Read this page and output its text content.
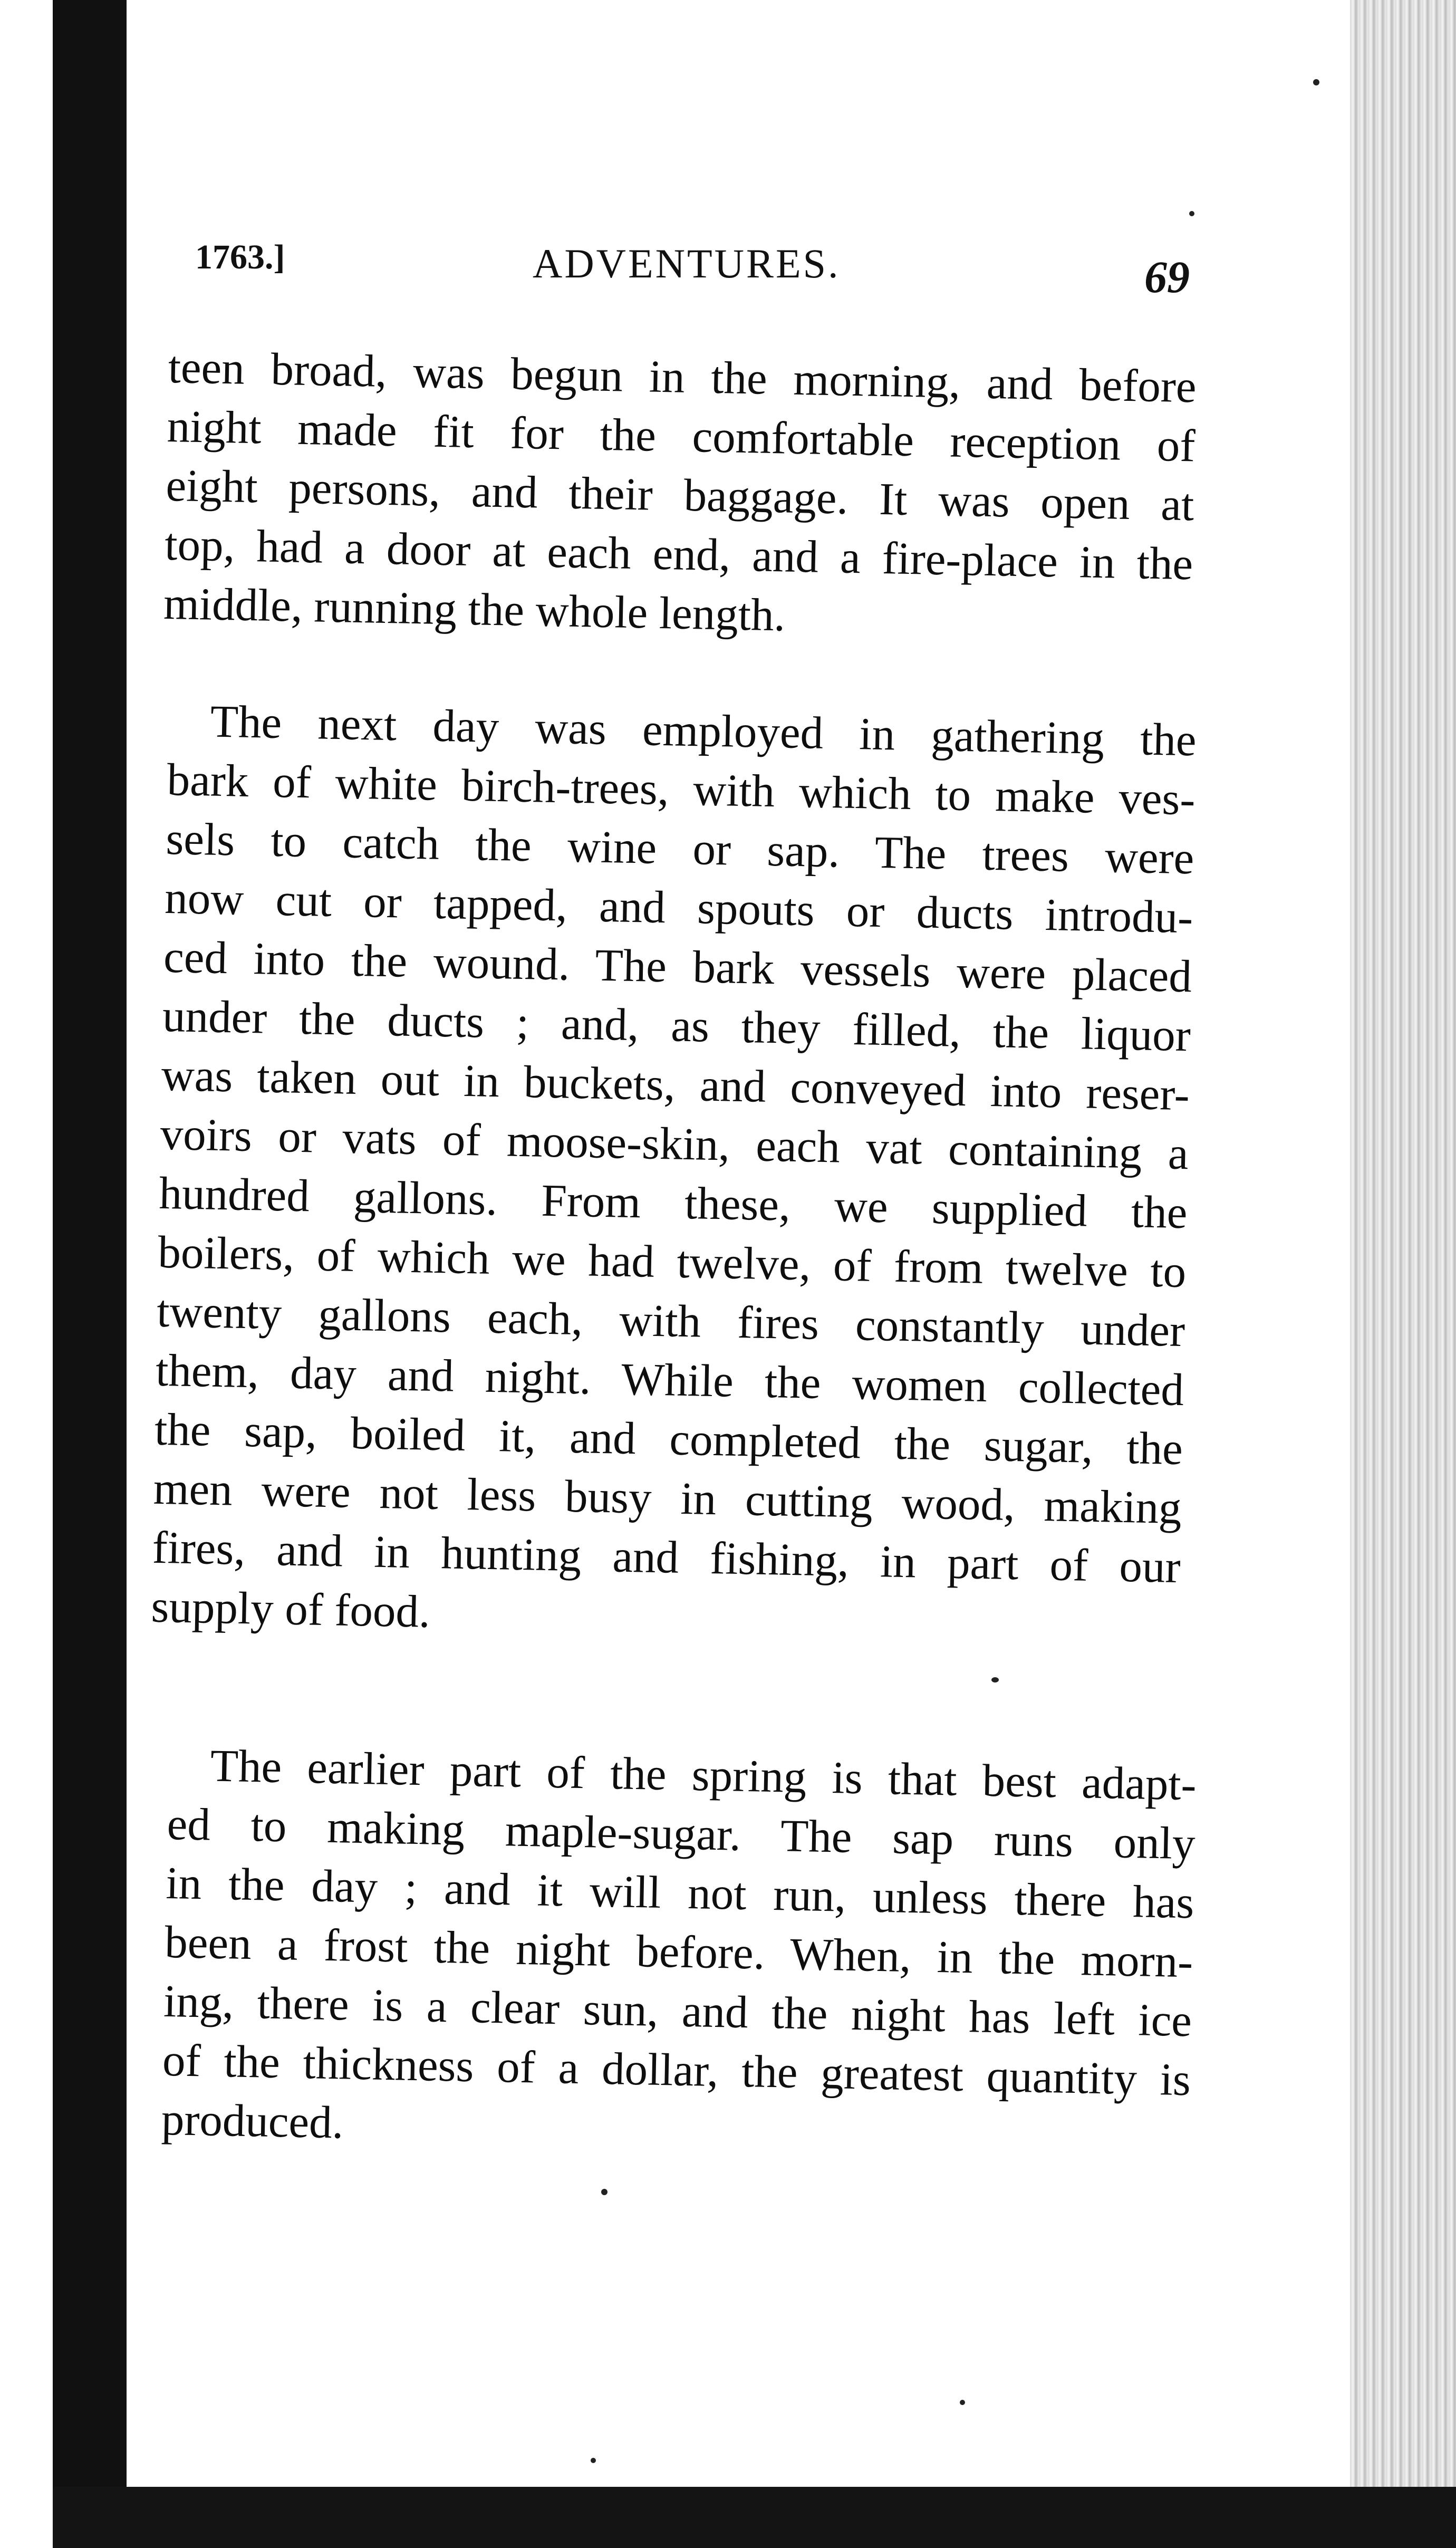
1763.]	ADVENTURES.	69
teen broad, was begun in the morning, and before
night made fit for the comfortable reception of
eight persons, and their baggage. It was open at
top, had a door at each end, and a fire-place in the
middle, running the whole length.
The next day was employed in gathering the
bark of white birch-trees, with which to make ves-
sels to catch the wine or sap. The trees were
now cut or tapped, and spouts or ducts introdu-
ced into the wound. The bark vessels were placed
under the ducts ; and, as they filled, the liquor
was taken out in buckets, and conveyed into reser-
voirs or vats of moose-skin, each vat containing a
hundred gallons. From these, we supplied the
boilers, of which we had twelve, of from twelve to
twenty gallons each, with fires constantly under
them, day and night. While the women collected
the sap, boiled it, and completed the sugar, the
men were not less busy in cutting wood, making
fires, and in hunting and fishing, in part of our
supply of food.
The earlier part of the spring is that best adapt-
ed to making maple-sugar. The sap runs only
in the day ; and it will not run, unless there has
been a frost the night before. When, in the morn-
ing, there is a clear sun, and the night has left ice
of the thickness of a dollar, the greatest quantity is
produced.
